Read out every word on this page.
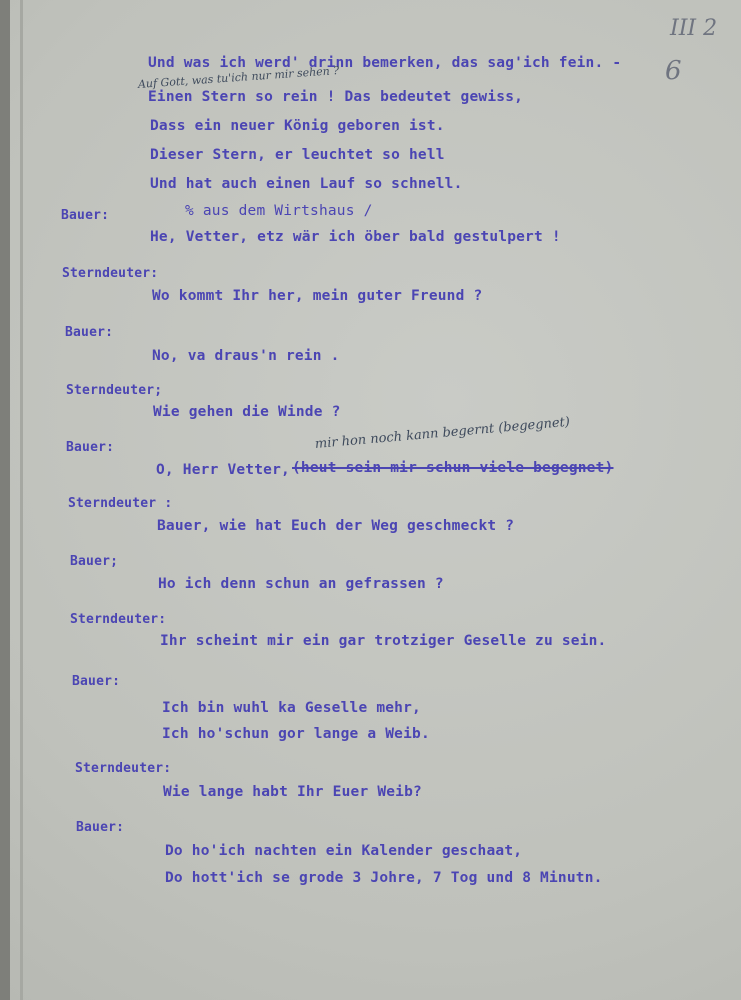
III 2
6
Und was ich werd' drinn bemerken, das sag'ich fein. -
Auf Gott, was tu'ich nur mir sehen ?
Einen Stern so rein ! Das bedeutet gewiss,
Dass ein neuer König geboren ist.
Dieser Stern, er leuchtet so hell
Und hat auch einen Lauf so schnell.
Bauer:	% aus dem Wirtshaus /
He, Vetter, etz wär ich öber bald gestulpert !
Sterndeuter:
Wo kommt Ihr her, mein guter Freund ?
Bauer:
No, va draus'n rein .
Sterndeuter;
Wie gehen die Winde ?
Bauer:	mir hon noch kann begernt (begegnet)
O, Herr Vetter, (heut sein mir schun viele begegnet)
Sterndeuter :
Bauer, wie hat Euch der Weg geschmeckt ?
Bauer;
Ho ich denn schun an gefrassen ?
Sterndeuter:
Ihr scheint mir ein gar trotziger Geselle zu sein.
Bauer:
Ich bin wuhl ka Geselle mehr,
Ich ho'schun gor lange a Weib.
Sterndeuter:
Wie lange habt Ihr Euer Weib?
Bauer:
Do ho'ich nachten ein Kalender geschaat,
Do hott'ich se grode 3 Johre, 7 Tog und 8 Minutn.
